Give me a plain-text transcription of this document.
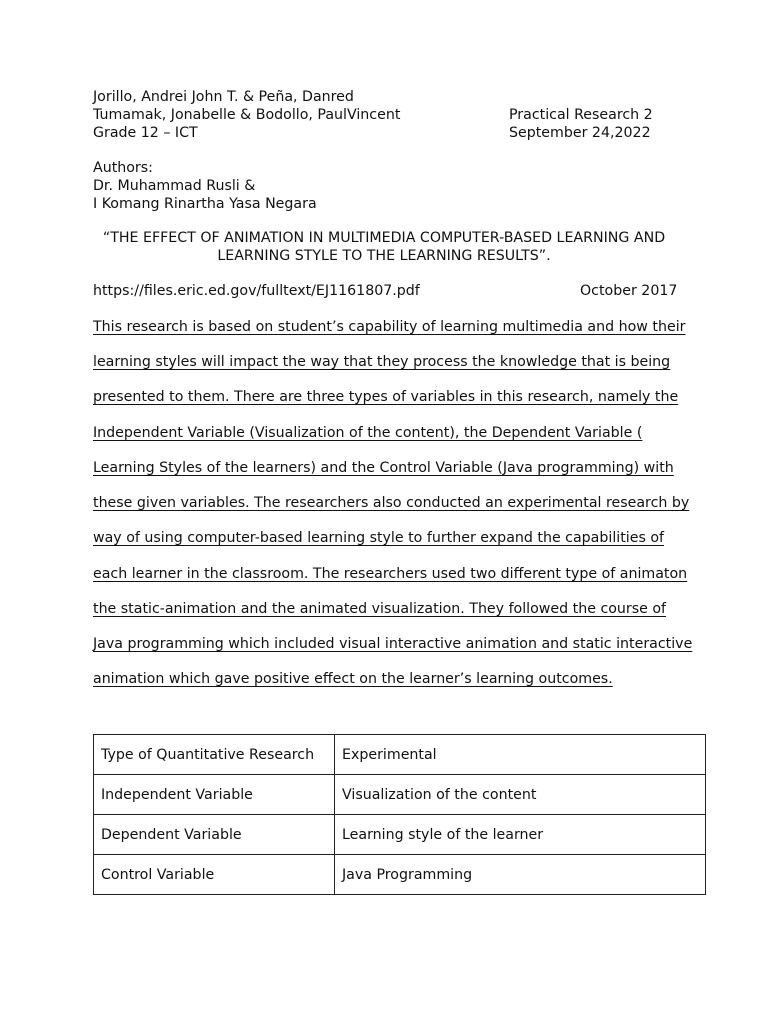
Jorillo, Andrei John T. & Peña, Danred
Tumamak, Jonabelle & Bodollo, PaulVincent
Grade 12 – ICT
Practical Research 2
September 24,2022
Authors:
Dr. Muhammad Rusli &
I Komang Rinartha Yasa Negara
“THE EFFECT OF ANIMATION IN MULTIMEDIA COMPUTER-BASED LEARNING AND
LEARNING STYLE TO THE LEARNING RESULTS”.
https://files.eric.ed.gov/fulltext/EJ1161807.pdf	October 2017
This research is based on student’s capability of learning multimedia and how their
learning styles will impact the way that they process the knowledge that is being
presented to them. There are three types of variables in this research, namely the
Independent Variable (Visualization of the content), the Dependent Variable (
Learning Styles of the learners) and the Control Variable (Java programming) with
these given variables. The researchers also conducted an experimental research by
way of using computer-based learning style to further expand the capabilities of
each learner in the classroom. The researchers used two different type of animaton
the static-animation and the animated visualization. They followed the course of
Java programming which included visual interactive animation and static interactive
animation which gave positive effect on the learner’s learning outcomes.
Type of Quantitative Research	Experimental
Independent Variable	Visualization of the content
Dependent Variable	Learning style of the learner
Control Variable	Java Programming
